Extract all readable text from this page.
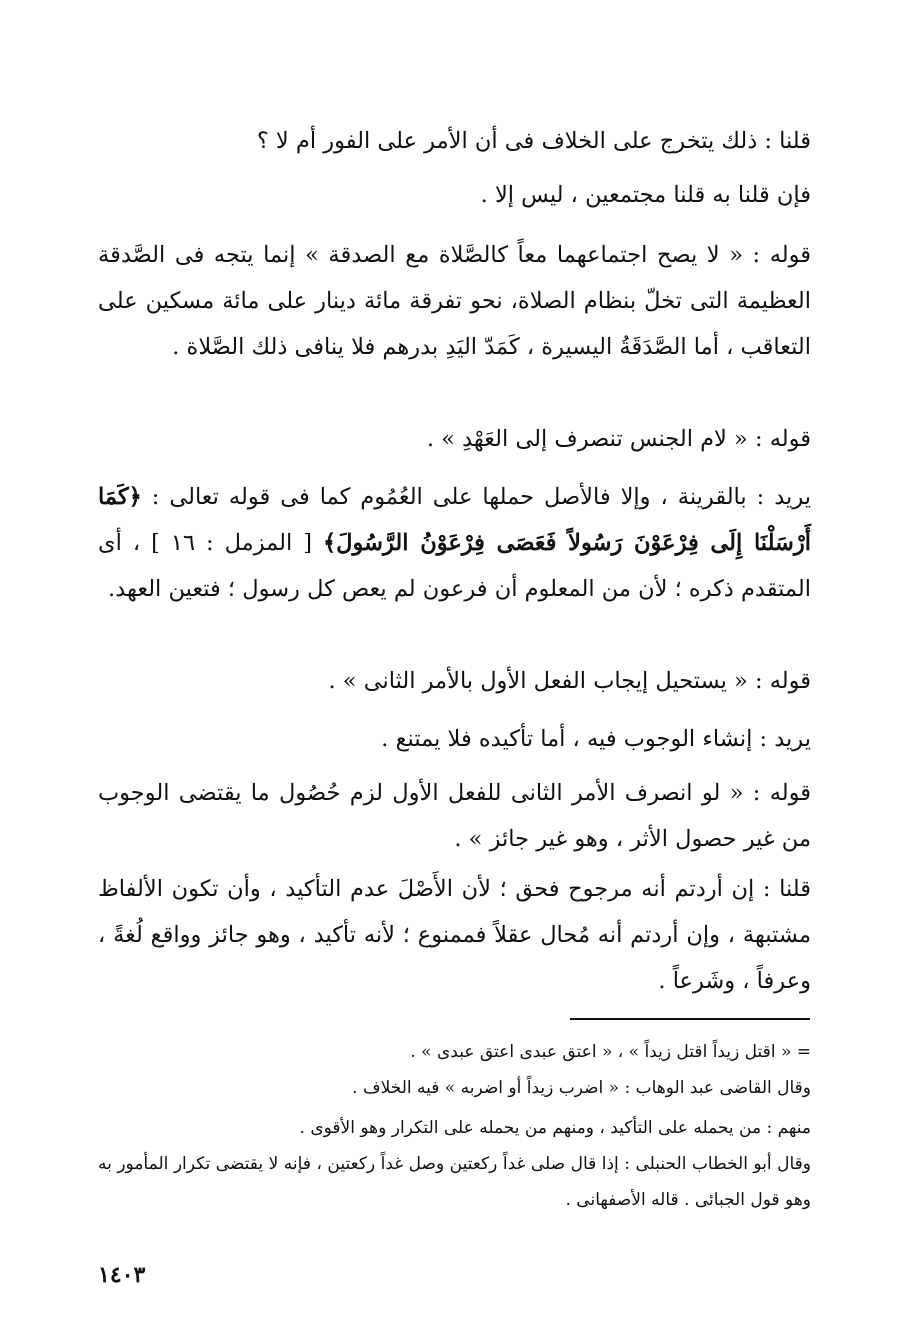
قلنا : ذلك يتخرج على الخلاف فى أن الأمر على الفور أم لا ؟

فإن قلنا به قلنا مجتمعين ، ليس إلا .

قوله : « لا يصح اجتماعهما معاً كالصَّلاة مع الصدقة » إنما يتجه فى الصَّدقة العظيمة التى تخلّ بنظام الصلاة، نحو تفرقة مائة دينار على مائة مسكين على التعاقب ، أما الصَّدَقَةُ اليسيرة ، كَمَدّ اليَدِ بدرهم فلا ينافى ذلك الصَّلاة .

قوله : « لام الجنس تنصرف إلى العَهْدِ » .

يريد : بالقرينة ، وإلا فالأصل حملها على العُمُوم كما فى قوله تعالى : ﴿كَمَا أَرْسَلْنَا إِلَى فِرْعَوْنَ رَسُولاً فَعَصَى فِرْعَوْنُ الرَّسُولَ﴾ [ المزمل : ١٦ ] ، أى المتقدم ذكره ؛ لأن من المعلوم أن فرعون لم يعص كل رسول ؛ فتعين العهد.

قوله : « يستحيل إيجاب الفعل الأول بالأمر الثانى » .

يريد : إنشاء الوجوب فيه ، أما تأكيده فلا يمتنع .

قوله : « لو انصرف الأمر الثانى للفعل الأول لزم حُصُول ما يقتضى الوجوب من غير حصول الأثر ، وهو غير جائز » .

قلنا : إن أردتم أنه مرجوح فحق ؛ لأن الأَصْلَ عدم التأكيد ، وأن تكون الألفاظ مشتبهة ، وإن أردتم أنه مُحال عقلاً فممنوع ؛ لأنه تأكيد ، وهو جائز وواقع لُغةً ، وعرفاً ، وشَرعاً .

= « اقتل زيداً اقتل زيداً » ، « اعتق عبدى اعتق عبدى » .

وقال القاضى عبد الوهاب : « اضرب زيداً أو اضربه » فيه الخلاف .

منهم : من يحمله على التأكيد ، ومنهم من يحمله على التكرار وهو الأقوى .

وقال أبو الخطاب الحنبلى : إذا قال صلى غداً ركعتين وصل غداً ركعتين ، فإنه لا يقتضى تكرار المأمور به وهو قول الجبائى . قاله الأصفهانى .

١٤٠٣
